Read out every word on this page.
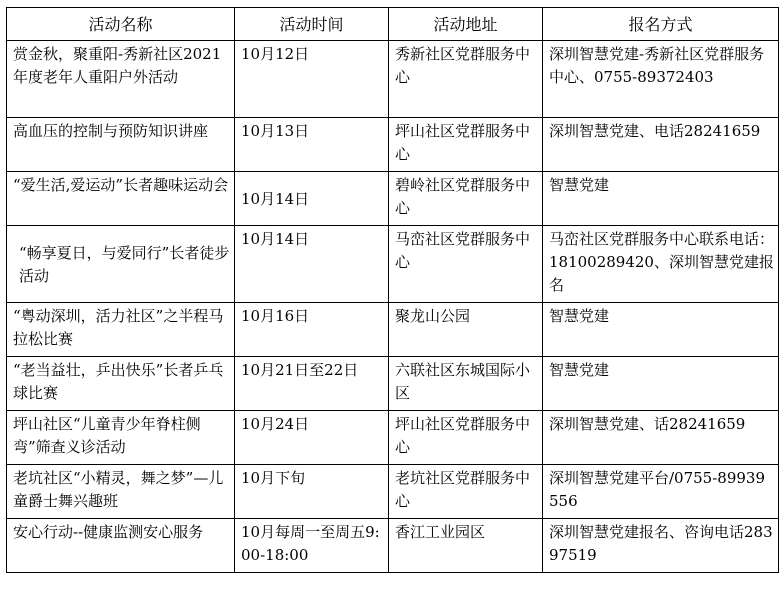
活动名称	活动时间	活动地址	报名方式
赏金秋，聚重阳-秀新社区2021年度老年人重阳户外活动	10月12日	秀新社区党群服务中心	深圳智慧党建-秀新社区党群服务中心、0755-89372403
高血压的控制与预防知识讲座	10月13日	坪山社区党群服务中心	深圳智慧党建、电话28241659
“爱生活,爱运动”长者趣味运动会	10月14日	碧岭社区党群服务中心	智慧党建
“畅享夏日，与爱同行”长者徒步活动	10月14日	马峦社区党群服务中心	马峦社区党群服务中心联系电话：18100289420、深圳智慧党建报名
“粤动深圳，活力社区”之半程马拉松比赛	10月16日	聚龙山公园	智慧党建
“老当益壮，乒出快乐”长者乒乓球比赛	10月21日至22日	六联社区东城国际小区	智慧党建
坪山社区“儿童青少年脊柱侧弯”筛查义诊活动	10月24日	坪山社区党群服务中心	深圳智慧党建、话28241659
老坑社区“小精灵，舞之梦”—儿童爵士舞兴趣班	10月下旬	老坑社区党群服务中心	深圳智慧党建平台/0755-89939556
安心行动--健康监测安心服务	10月每周一至周五9:00-18:00	香江工业园区	深圳智慧党建报名、咨询电话28397519
